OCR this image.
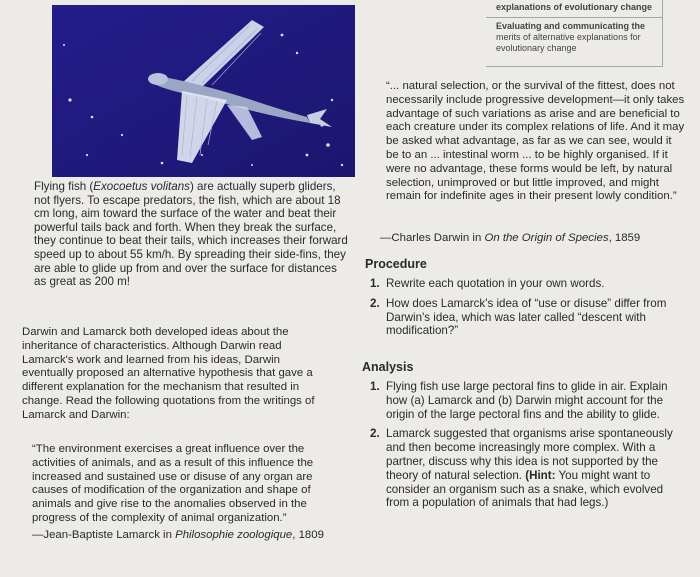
explanations of evolutionary change
Evaluating and communicating the
merits of alternative explanations for evolutionary change

Flying fish (Exocoetus volitans) are actually superb gliders, not flyers. To escape predators, the fish, which are about 18 cm long, aim toward the surface of the water and beat their powerful tails back and forth. When they break the surface, they continue to beat their tails, which increases their forward speed up to about 55 km/h. By spreading their side-fins, they are able to glide up from and over the surface for distances as great as 200 m!

Darwin and Lamarck both developed ideas about the inheritance of characteristics. Although Darwin read Lamarck's work and learned from his ideas, Darwin eventually proposed an alternative hypothesis that gave a different explanation for the mechanism that resulted in change. Read the following quotations from the writings of Lamarck and Darwin:

“The environment exercises a great influence over the activities of animals, and as a result of this influence the increased and sustained use or disuse of any organ are causes of modification of the organization and shape of animals and give rise to the anomalies observed in the progress of the complexity of animal organization.”

—Jean-Baptiste Lamarck in Philosophie zoologique, 1809

“... natural selection, or the survival of the fittest, does not necessarily include progressive development—it only takes advantage of such variations as arise and are beneficial to each creature under its complex relations of life. And it may be asked what advantage, as far as we can see, would it be to an ... intestinal worm ... to be highly organised. If it were no advantage, these forms would be left, by natural selection, unimproved or but little improved, and might remain for indefinite ages in their present lowly condition.”

—Charles Darwin in On the Origin of Species, 1859

Procedure
1. Rewrite each quotation in your own words.
2. How does Lamarck's idea of “use or disuse” differ from Darwin's idea, which was later called “descent with modification?”
Analysis
1. Flying fish use large pectoral fins to glide in air. Explain how (a) Lamarck and (b) Darwin might account for the origin of the large pectoral fins and the ability to glide.
2. Lamarck suggested that organisms arise spontaneously and then become increasingly more complex. With a partner, discuss why this idea is not supported by the theory of natural selection. (Hint: You might want to consider an organism such as a snake, which evolved from a population of animals that had legs.)
